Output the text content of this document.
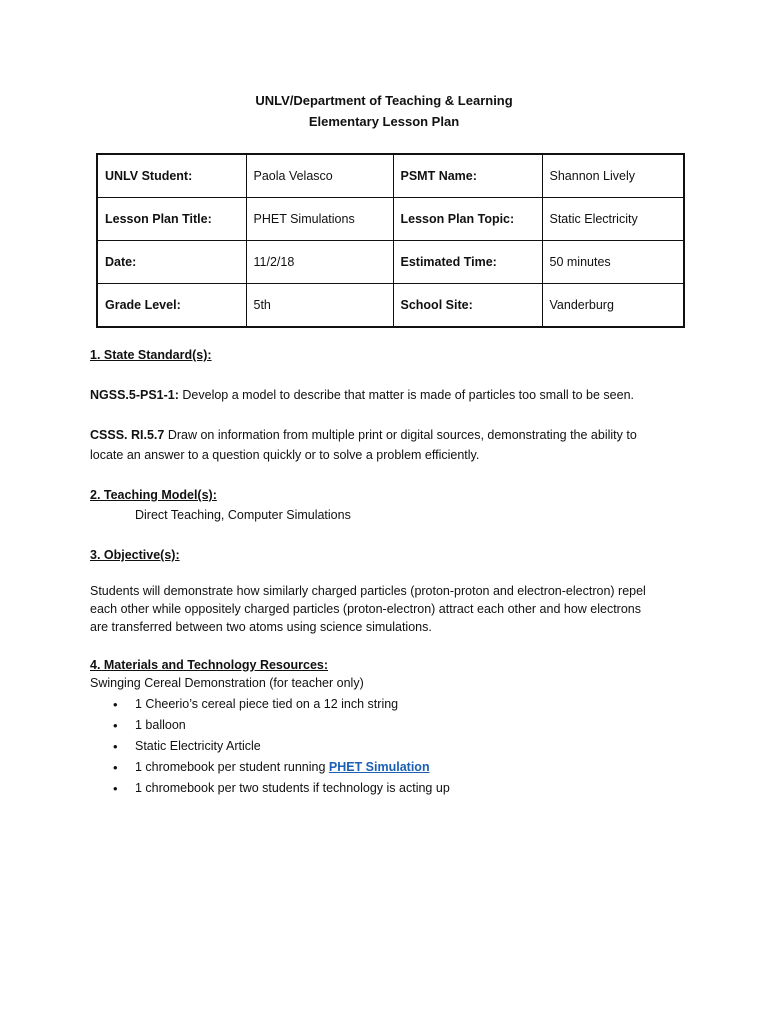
UNLV/Department of Teaching & Learning
Elementary Lesson Plan
UNLV Student:	Paola Velasco	PSMT Name:	Shannon Lively
Lesson Plan Title:	PHET Simulations	Lesson Plan Topic:	Static Electricity
Date:	11/2/18	Estimated Time:	50 minutes
Grade Level:	5th	School Site:	Vanderburg
1. State Standard(s):
NGSS.5-PS1-1: Develop a model to describe that matter is made of particles too small to be seen.
CSSS. RI.5.7 Draw on information from multiple print or digital sources, demonstrating the ability to
locate an answer to a question quickly or to solve a problem efficiently.
2. Teaching Model(s):
Direct Teaching, Computer Simulations
3. Objective(s):
Students will demonstrate how similarly charged particles (proton-proton and electron-electron) repel
each other while oppositely charged particles (proton-electron) attract each other and how electrons
are transferred between two atoms using science simulations.
4. Materials and Technology Resources:
Swinging Cereal Demonstration (for teacher only)
• 1 Cheerio’s cereal piece tied on a 12 inch string
• 1 balloon
• Static Electricity Article
• 1 chromebook per student running PHET Simulation
• 1 chromebook per two students if technology is acting up
